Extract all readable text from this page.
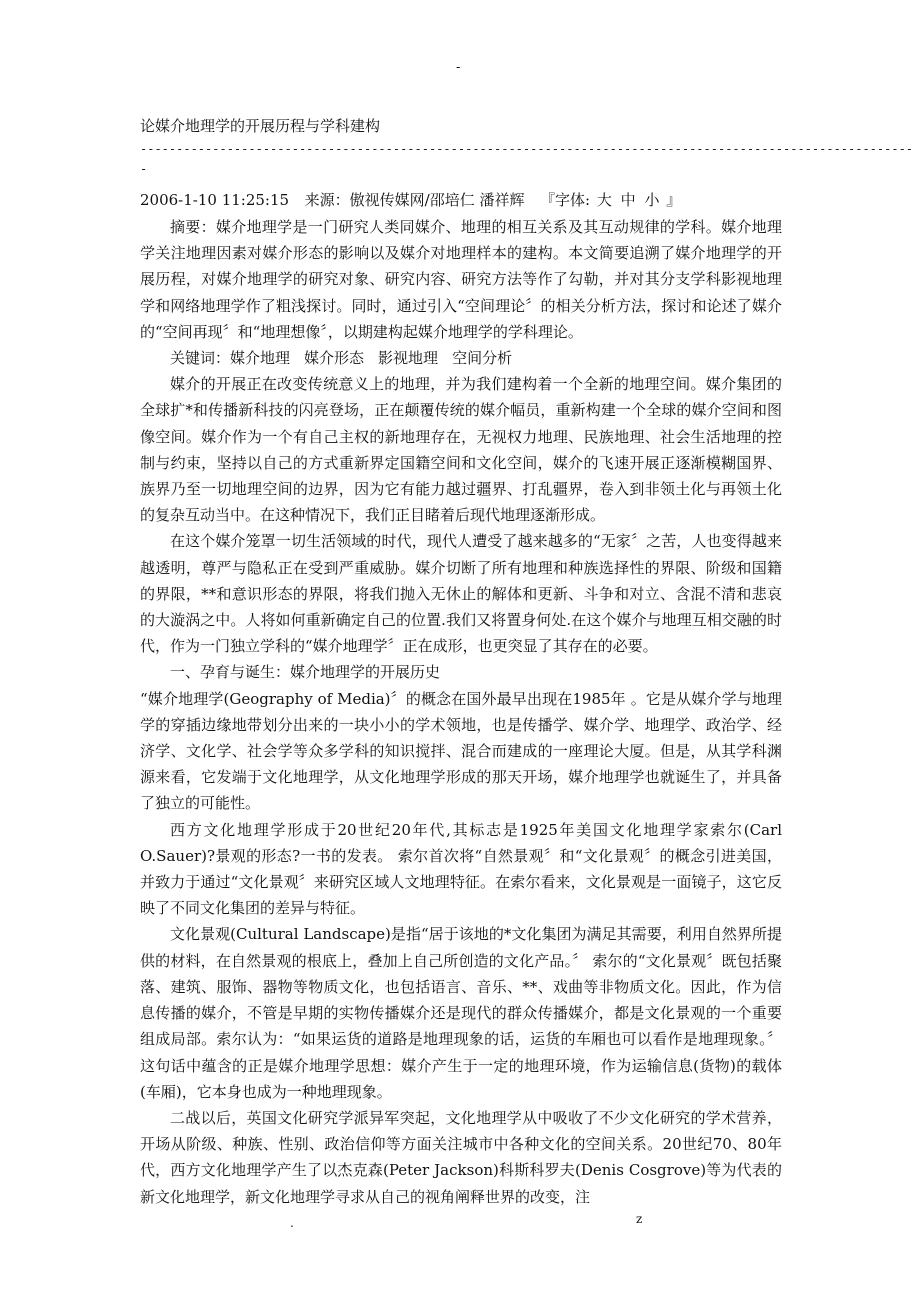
-
论媒介地理学的开展历程与学科建构
-----------------------------------------------------------------------------------------------------------
-
2006-1-10 11:25:15 来源：傲视传媒网/邵培仁 潘祥辉 『字体: 大 中 小 』

摘要：媒介地理学是一门研究人类同媒介、地理的相互关系及其互动规律的学科。媒介地理学关注地理因素对媒介形态的影响以及媒介对地理样本的建构。本文简要追溯了媒介地理学的开展历程，对媒介地理学的研究对象、研究内容、研究方法等作了勾勒，并对其分支学科影视地理学和网络地理学作了粗浅探讨。同时，通过引入“空间理论〞的相关分析方法，探讨和论述了媒介的“空间再现〞和“地理想像〞，以期建构起媒介地理学的学科理论。

关键词：媒介地理 媒介形态 影视地理 空间分析

媒介的开展正在改变传统意义上的地理，并为我们建构着一个全新的地理空间。媒介集团的全球扩*和传播新科技的闪亮登场，正在颠覆传统的媒介幅员，重新构建一个全球的媒介空间和图像空间。媒介作为一个有自己主权的新地理存在，无视权力地理、民族地理、社会生活地理的控制与约束，坚持以自己的方式重新界定国籍空间和文化空间，媒介的飞速开展正逐渐模糊国界、族界乃至一切地理空间的边界，因为它有能力越过疆界、打乱疆界，卷入到非领土化与再领土化的复杂互动当中。在这种情况下，我们正目睹着后现代地理逐渐形成。

在这个媒介笼罩一切生活领域的时代，现代人遭受了越来越多的“无家〞之苦，人也变得越来越透明，尊严与隐私正在受到严重威胁。媒介切断了所有地理和种族选择性的界限、阶级和国籍的界限，**和意识形态的界限，将我们抛入无休止的解体和更新、斗争和对立、含混不清和悲哀的大漩涡之中。人将如何重新确定自己的位置.我们又将置身何处.在这个媒介与地理互相交融的时代，作为一门独立学科的“媒介地理学〞正在成形，也更突显了其存在的必要。

一、孕育与诞生：媒介地理学的开展历史

“媒介地理学(Geography of Media)〞的概念在国外最早出现在1985年 。它是从媒介学与地理学的穿插边缘地带划分出来的一块小小的学术领地，也是传播学、媒介学、地理学、政治学、经济学、文化学、社会学等众多学科的知识搅拌、混合而建成的一座理论大厦。但是，从其学科渊源来看，它发端于文化地理学，从文化地理学形成的那天开场，媒介地理学也就诞生了，并具备了独立的可能性。

西方文化地理学形成于20世纪20年代,其标志是1925年美国文化地理学家索尔(Carl O.Sauer)?景观的形态?一书的发表。 索尔首次将“自然景观〞和“文化景观〞的概念引进美国，并致力于通过“文化景观〞来研究区域人文地理特征。在索尔看来，文化景观是一面镜子，这它反映了不同文化集团的差异与特征。

文化景观(Cultural Landscape)是指“居于该地的*文化集团为满足其需要，利用自然界所提供的材料，在自然景观的根底上，叠加上自己所创造的文化产品。〞 索尔的“文化景观〞既包括聚落、建筑、服饰、器物等物质文化，也包括语言、音乐、**、戏曲等非物质文化。因此，作为信息传播的媒介，不管是早期的实物传播媒介还是现代的群众传播媒介，都是文化景观的一个重要组成局部。索尔认为：“如果运货的道路是地理现象的话，运货的车厢也可以看作是地理现象。〞 这句话中蕴含的正是媒介地理学思想：媒介产生于一定的地理环境，作为运输信息(货物)的载体(车厢)，它本身也成为一种地理现象。

二战以后，英国文化研究学派异军突起，文化地理学从中吸收了不少文化研究的学术营养，开场从阶级、种族、性别、政治信仰等方面关注城市中各种文化的空间关系。20世纪70、80年代，西方文化地理学产生了以杰克森(Peter Jackson)科斯科罗夫(Denis Cosgrove)等为代表的新文化地理学，新文化地理学寻求从自己的视角阐释世界的改变，注

.	z
